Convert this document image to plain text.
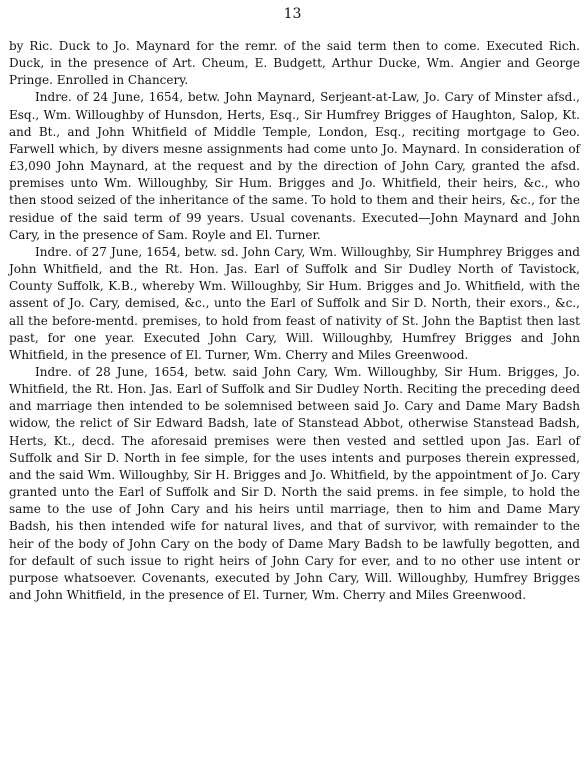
13

by Ric. Duck to Jo. Maynard for the remr. of the said term then to come. Executed Rich. Duck, in the presence of Art. Cheum, E. Budgett, Arthur Ducke, Wm. Angier and George Pringe. Enrolled in Chancery.

Indre. of 24 June, 1654, betw. John Maynard, Serjeant-at-Law, Jo. Cary of Minster afsd., Esq., Wm. Willoughby of Hunsdon, Herts, Esq., Sir Humfrey Brigges of Haughton, Salop, Kt. and Bt., and John Whitfield of Middle Temple, London, Esq., reciting mortgage to Geo. Farwell which, by divers mesne assignments had come unto Jo. Maynard. In consideration of £3,090 John Maynard, at the request and by the direction of John Cary, granted the afsd. premises unto Wm. Willoughby, Sir Hum. Brigges and Jo. Whitfield, their heirs, &c., who then stood seized of the inheritance of the same. To hold to them and their heirs, &c., for the residue of the said term of 99 years. Usual covenants. Executed—John Maynard and John Cary, in the presence of Sam. Royle and El. Turner.

Indre. of 27 June, 1654, betw. sd. John Cary, Wm. Willoughby, Sir Humphrey Brigges and John Whitfield, and the Rt. Hon. Jas. Earl of Suffolk and Sir Dudley North of Tavistock, County Suffolk, K.B., whereby Wm. Willoughby, Sir Hum. Brigges and Jo. Whitfield, with the assent of Jo. Cary, demised, &c., unto the Earl of Suffolk and Sir D. North, their exors., &c., all the before-mentd. premises, to hold from feast of nativity of St. John the Baptist then last past, for one year. Executed John Cary, Will. Willoughby, Humfrey Brigges and John Whitfield, in the presence of El. Turner, Wm. Cherry and Miles Greenwood.

Indre. of 28 June, 1654, betw. said John Cary, Wm. Willoughby, Sir Hum. Brigges, Jo. Whitfield, the Rt. Hon. Jas. Earl of Suffolk and Sir Dudley North. Reciting the preceding deed and marriage then intended to be solemnised between said Jo. Cary and Dame Mary Badsh widow, the relict of Sir Edward Badsh, late of Stanstead Abbot, otherwise Stanstead Badsh, Herts, Kt., decd. The aforesaid premises were then vested and settled upon Jas. Earl of Suffolk and Sir D. North in fee simple, for the uses intents and purposes therein expressed, and the said Wm. Willoughby, Sir H. Brigges and Jo. Whitfield, by the appointment of Jo. Cary granted unto the Earl of Suffolk and Sir D. North the said prems. in fee simple, to hold the same to the use of John Cary and his heirs until marriage, then to him and Dame Mary Badsh, his then intended wife for natural lives, and that of survivor, with remainder to the heir of the body of John Cary on the body of Dame Mary Badsh to be lawfully begotten, and for default of such issue to right heirs of John Cary for ever, and to no other use intent or purpose whatsoever. Covenants, executed by John Cary, Will. Willoughby, Humfrey Brigges and John Whitfield, in the presence of El. Turner, Wm. Cherry and Miles Greenwood.
